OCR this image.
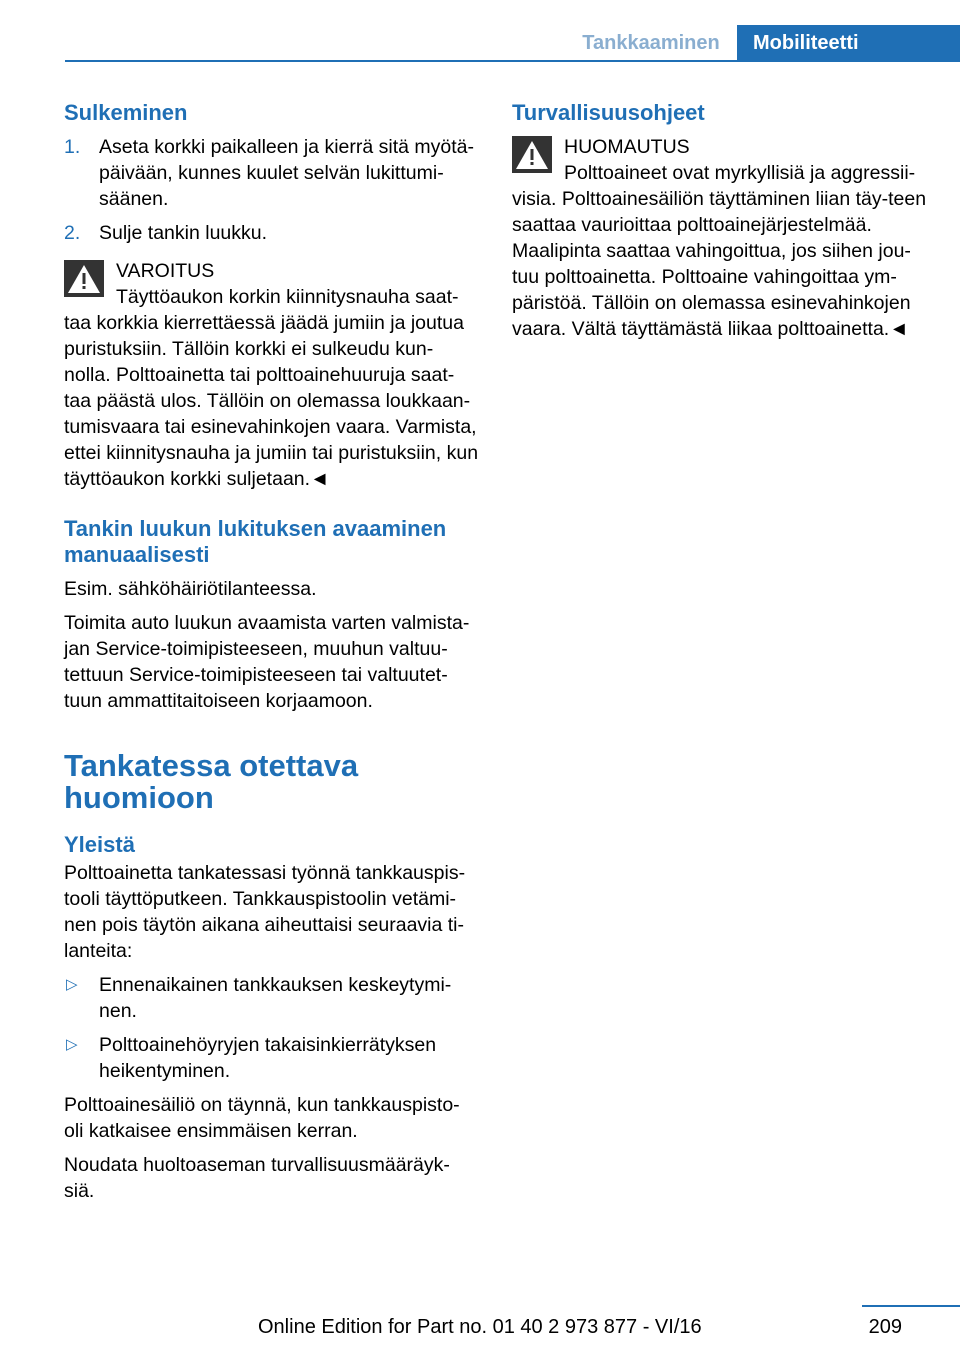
Tankkaaminen	Mobiliteetti
Sulkeminen
1. Aseta korkki paikalleen ja kierrä sitä myötä-päivään, kunnes kuulet selvän lukittumi-säänen.
2. Sulje tankin luukku.
VAROITUS
Täyttöaukon korkin kiinnitysnauha saat-taa korkkia kierrettäessä jäädä jumiin ja joutua puristuksiin. Tällöin korkki ei sulkeudu kun-nolla. Polttoainetta tai polttoainehuuruja saat-taa päästä ulos. Tällöin on olemassa loukkaan-tumisvaara tai esinevahinkojen vaara. Varmista, ettei kiinnitysnauha ja jumiin tai puristuksiin, kun täyttöaukon korkki suljetaan.◄
Tankin luukun lukituksen avaaminen manuaalisesti

Esim. sähköhäiriötilanteessa.

Toimita auto luukun avaamista varten valmista-jan Service-toimipisteeseen, muuhun valtuu-tettuun Service-toimipisteeseen tai valtuutet-tuun ammattitaitoiseen korjaamoon.

Tankatessa otettava huomioon
Yleistä

Polttoainetta tankatessasi työnnä tankkauspis-tooli täyttöputkeen. Tankkauspistoolin vetämi-nen pois täytön aikana aiheuttaisi seuraavia ti-lanteita:

▷ Ennenaikainen tankkauksen keskeytymi-nen.
▷ Polttoainehöyryjen takaisinkierrätyksen heikentyminen.

Polttoainesäiliö on täynnä, kun tankkauspisto-oli katkaisee ensimmäisen kerran.

Noudata huoltoaseman turvallisuusmääräyk-siä.

Turvallisuusohjeet
HUOMAUTUS
Polttoaineet ovat myrkyllisiä ja aggressii-visia. Polttoainesäiliön täyttäminen liian täy-teen saattaa vaurioittaa polttoainejärjestelmää. Maalipinta saattaa vahingoittua, jos siihen jou-tuu polttoainetta. Polttoaine vahingoittaa ym-päristöä. Tällöin on olemassa esinevahinkojen vaara. Vältä täyttämästä liikaa polttoainetta.◄
209
Online Edition for Part no. 01 40 2 973 877 - VI/16
